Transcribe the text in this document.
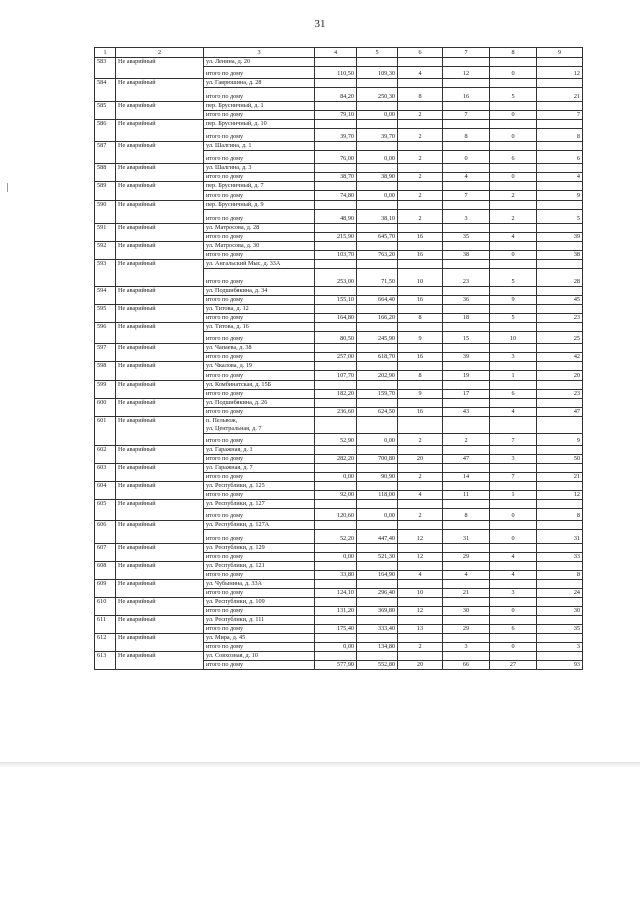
31
1	2	3	4	5	6	7	8	9
583	Не аварийный	ул. Ленина, д. 20						
		итого по дому	110,50	109,30	4	12	0	12
584	Не аварийный	ул. Гаврюшина, д. 28						
		итого по дому	84,20	250,30	8	16	5	21
585	Не аварийный	пер. Брусничный, д. 1						
		итого по дому	79,10	0,00	2	7	0	7
586	Не аварийный	пер. Брусничный, д. 10						
		итого по дому	39,70	39,70	2	8	0	8
587	Не аварийный	ул. Шалгина, д. 1						
		итого по дому	76,00	0,00	2	0	6	6
588	Не аварийный	ул. Шалгина, д. 3						
		итого по дому	38,70	38,90	2	4	0	4
589	Не аварийный	пер. Брусничный, д. 7						
		итого по дому	74,80	0,00	2	7	2	9
590	Не аварийный	пер. Брусничный, д. 9						
		итого по дому	48,90	38,10	2	3	2	5
591	Не аварийный	ул. Матросова, д. 28						
		итого по дому	215,90	645,70	16	35	4	39
592	Не аварийный	ул. Матросова, д. 30						
		итого по дому	103,70	763,20	16	38	0	38
593	Не аварийный	ул. Ангальский Мыс, д. 33А						
		итого по дому	253,00	71,50	10	23	5	28
594	Не аварийный	ул. Подшибякина, д. 34						
		итого по дому	155,10	664,40	16	36	9	45
595	Не аварийный	ул. Титова, д. 12						
		итого по дому	164,80	166,20	8	18	5	23
596	Не аварийный	ул. Титова, д. 16						
		итого по дому	80,50	245,90	9	15	10	25
597	Не аварийный	ул. Чапаева, д. 38						
		итого по дому	257,00	618,70	16	39	3	42
598	Не аварийный	ул. Чкалова, д. 19						
		итого по дому	107,70	202,90	8	19	1	20
599	Не аварийный	ул. Комбинатская, д. 15Б						
		итого по дому	182,20	159,70	9	17	6	23
600	Не аварийный	ул. Подшибякина, д. 26						
		итого по дому	236,60	624,50	16	43	4	47
601	Не аварийный	п. Пельвож,
ул. Центральная, д. 7						
		итого по дому	52,90	0,00	2	2	7	9
602	Не аварийный	ул. Гаражная, д. 1						
		итого по дому	282,20	700,80	20	47	3	50
603	Не аварийный	ул. Гаражная, д. 7						
		итого по дому	0,00	90,90	2	14	7	21
604	Не аварийный	ул. Республики, д. 125						
		итого по дому	92,00	118,00	4	11	1	12
605	Не аварийный	ул. Республики, д. 127						
		итого по дому	120,60	0,00	2	8	0	8
606	Не аварийный	ул. Республики, д. 127А						
		итого по дому	52,20	447,40	12	31	0	31
607	Не аварийный	ул. Республики, д. 129						
		итого по дому	0,00	521,30	12	29	4	33
608	Не аварийный	ул. Республики, д. 121						
		итого по дому	33,80	164,90	4	4	4	8
609	Не аварийный	ул. Чубынина, д. 33А						
		итого по дому	124,10	296,40	10	21	3	24
610	Не аварийный	ул. Республики, д. 109						
		итого по дому	131,20	369,80	12	30	0	30
611	Не аварийный	ул. Республики, д. 111						
		итого по дому	175,40	333,40	13	29	6	35
612	Не аварийный	ул. Мира, д. 45						
		итого по дому	0,00	134,80	2	3	0	3
613	Не аварийный	ул. Совхозная, д. 10						
		итого по дому	577,90	552,80	20	66	27	93
